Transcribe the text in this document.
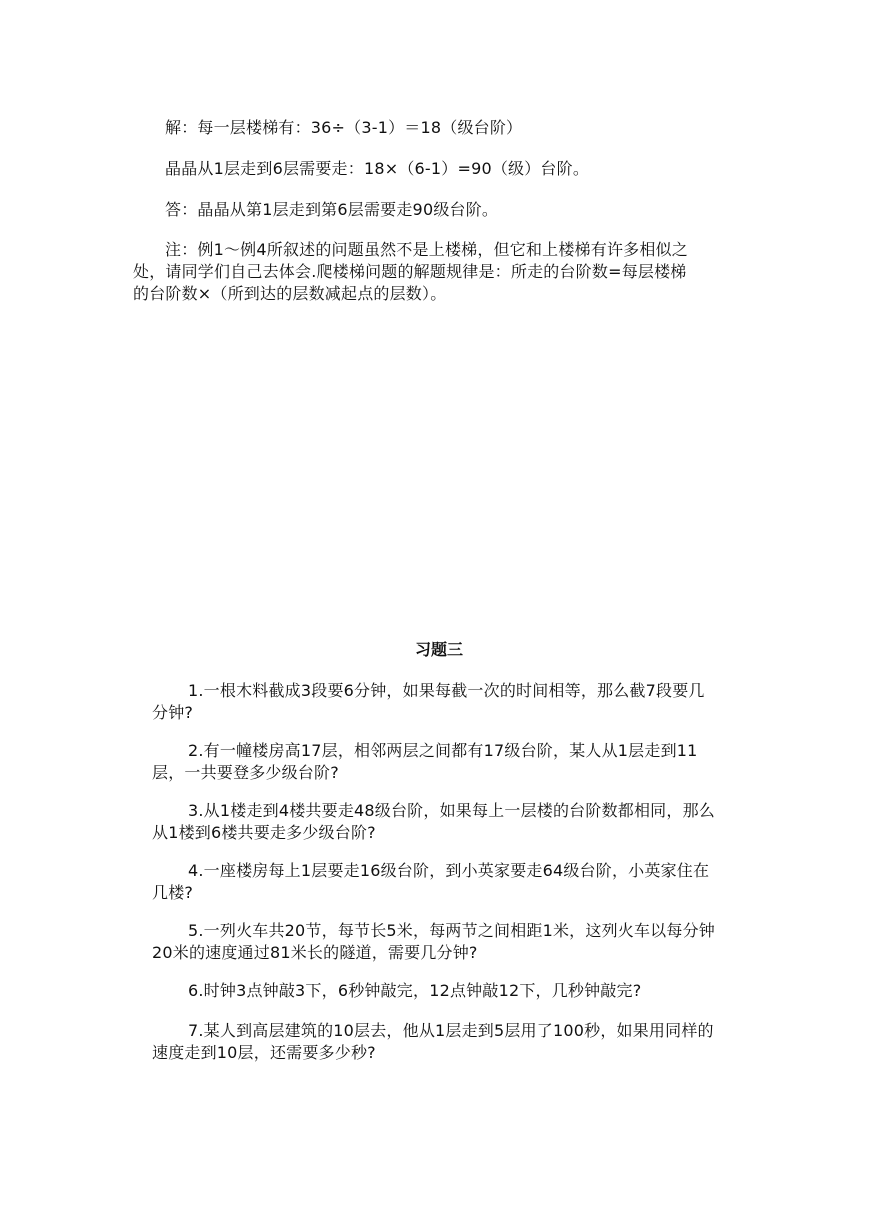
解：每一层楼梯有：36÷（3-1）＝18（级台阶）
晶晶从1层走到6层需要走：18×（6-1）=90（级）台阶。
答：晶晶从第1层走到第6层需要走90级台阶。
注：例1～例4所叙述的问题虽然不是上楼梯，但它和上楼梯有许多相似之
处，请同学们自己去体会.爬楼梯问题的解题规律是：所走的台阶数=每层楼梯
的台阶数×（所到达的层数减起点的层数）。
习题三
1.一根木料截成3段要6分钟，如果每截一次的时间相等，那么截7段要几
分钟?
2.有一幢楼房高17层，相邻两层之间都有17级台阶，某人从1层走到11
层，一共要登多少级台阶?
3.从1楼走到4楼共要走48级台阶，如果每上一层楼的台阶数都相同，那么
从1楼到6楼共要走多少级台阶?
4.一座楼房每上1层要走16级台阶，到小英家要走64级台阶，小英家住在
几楼?
5.一列火车共20节，每节长5米，每两节之间相距1米，这列火车以每分钟
20米的速度通过81米长的隧道，需要几分钟?
6.时钟3点钟敲3下，6秒钟敲完，12点钟敲12下，几秒钟敲完?
7.某人到高层建筑的10层去，他从1层走到5层用了100秒，如果用同样的
速度走到10层，还需要多少秒?
